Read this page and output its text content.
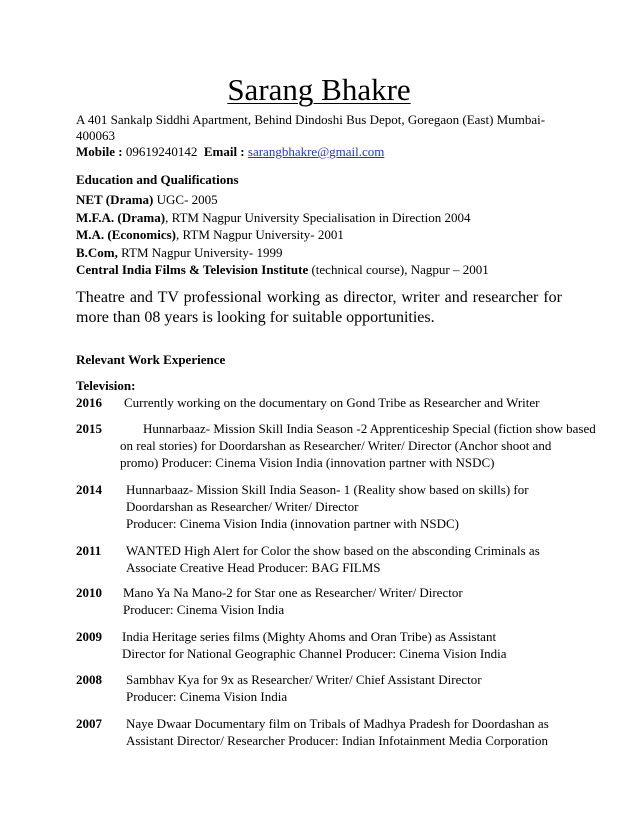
Sarang Bhakre
A 401 Sankalp Siddhi Apartment, Behind Dindoshi Bus Depot, Goregaon (East) Mumbai-
400063
Mobile : 09619240142 Email : sarangbhakre@gmail.com
Education and Qualifications
NET (Drama) UGC- 2005
M.F.A. (Drama), RTM Nagpur University Specialisation in Direction 2004
M.A. (Economics), RTM Nagpur University- 2001
B.Com, RTM Nagpur University- 1999
Central India Films & Television Institute (technical course), Nagpur – 2001
Theatre and TV professional working as director, writer and researcher for more than 08 years is looking for suitable opportunities.
Relevant Work Experience
Television:
2016 Currently working on the documentary on Gond Tribe as Researcher and Writer
2015	Hunnarbaaz- Mission Skill India Season -2 Apprenticeship Special (fiction show based
on real stories) for Doordarshan as Researcher/ Writer/ Director (Anchor shoot and
promo) Producer: Cinema Vision India (innovation partner with NSDC)
2014 Hunnarbaaz- Mission Skill India Season- 1 (Reality show based on skills) for
Doordarshan as Researcher/ Writer/ Director
Producer: Cinema Vision India (innovation partner with NSDC)
2011 WANTED High Alert for Color the show based on the absconding Criminals as
Associate Creative Head Producer: BAG FILMS
2010 Mano Ya Na Mano-2 for Star one as Researcher/ Writer/ Director
Producer: Cinema Vision India
2009 India Heritage series films (Mighty Ahoms and Oran Tribe) as Assistant
Director for National Geographic Channel Producer: Cinema Vision India
2008 Sambhav Kya for 9x as Researcher/ Writer/ Chief Assistant Director
Producer: Cinema Vision India
2007 Naye Dwaar Documentary film on Tribals of Madhya Pradesh for Doordashan as
Assistant Director/ Researcher Producer: Indian Infotainment Media Corporation
